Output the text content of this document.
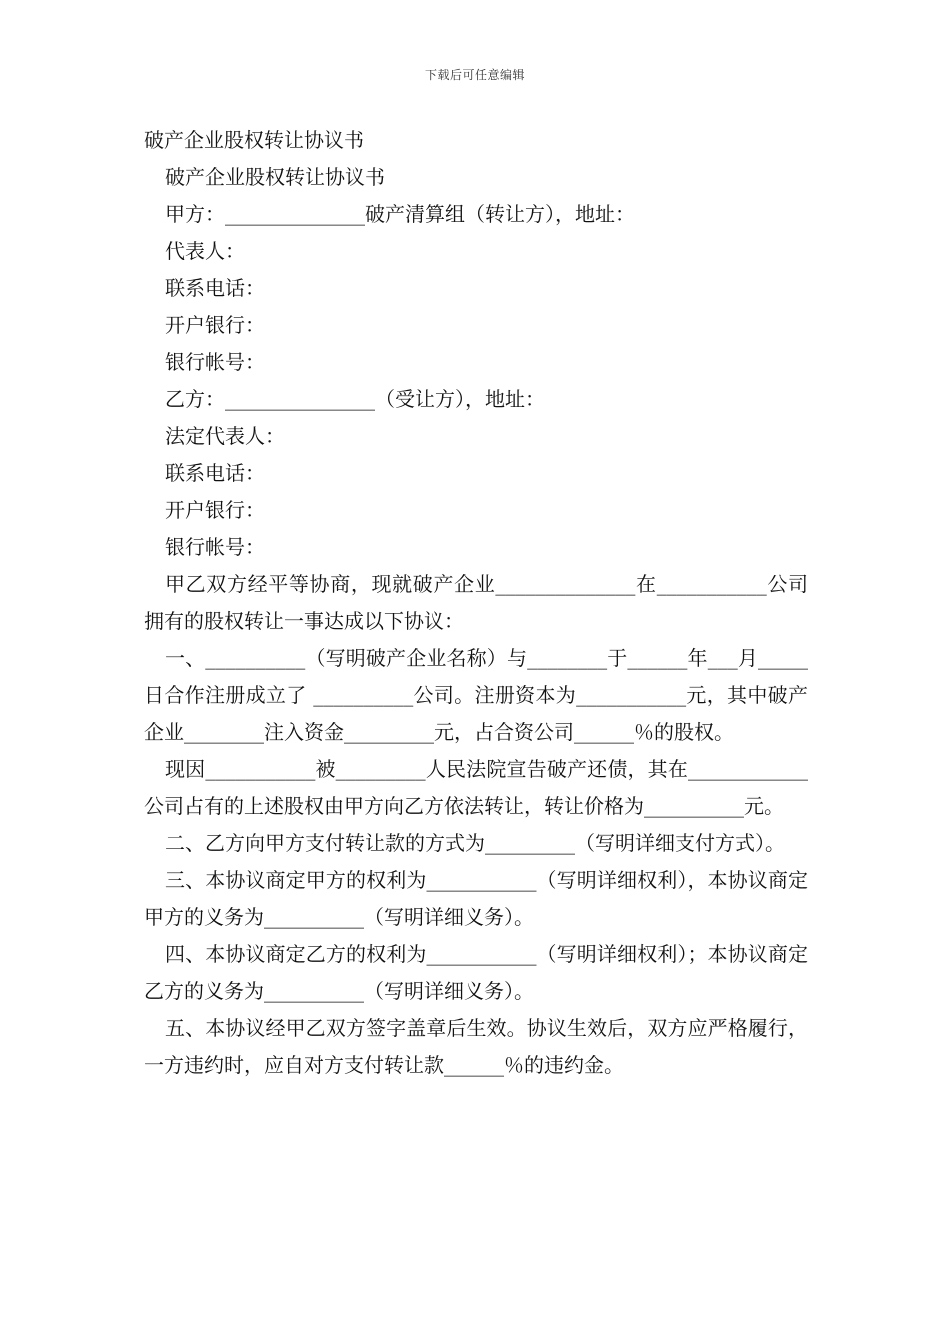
下载后可任意编辑

破产企业股权转让协议书

破产企业股权转让协议书

甲方：______________破产清算组（转让方），地址：

代表人：

联系电话：

开户银行：

银行帐号：

乙方：_______________（受让方），地址：

法定代表人：

联系电话：

开户银行：

银行帐号：

甲乙双方经平等协商，现就破产企业______________在___________公司拥有的股权转让一事达成以下协议：

一、__________（写明破产企业名称）与________于______年___月_____日合作注册成立了 __________公司。注册资本为___________元，其中破产企业________注入资金_________元，占合资公司______％的股权。

现因___________被_________人民法院宣告破产还债，其在____________公司占有的上述股权由甲方向乙方依法转让，转让价格为__________元。

二、乙方向甲方支付转让款的方式为_________（写明详细支付方式）。

三、本协议商定甲方的权利为___________（写明详细权利），本协议商定甲方的义务为__________（写明详细义务）。

四、本协议商定乙方的权利为___________（写明详细权利）；本协议商定乙方的义务为__________（写明详细义务）。

五、本协议经甲乙双方签字盖章后生效。协议生效后，双方应严格履行，一方违约时，应自对方支付转让款______％的违约金。
